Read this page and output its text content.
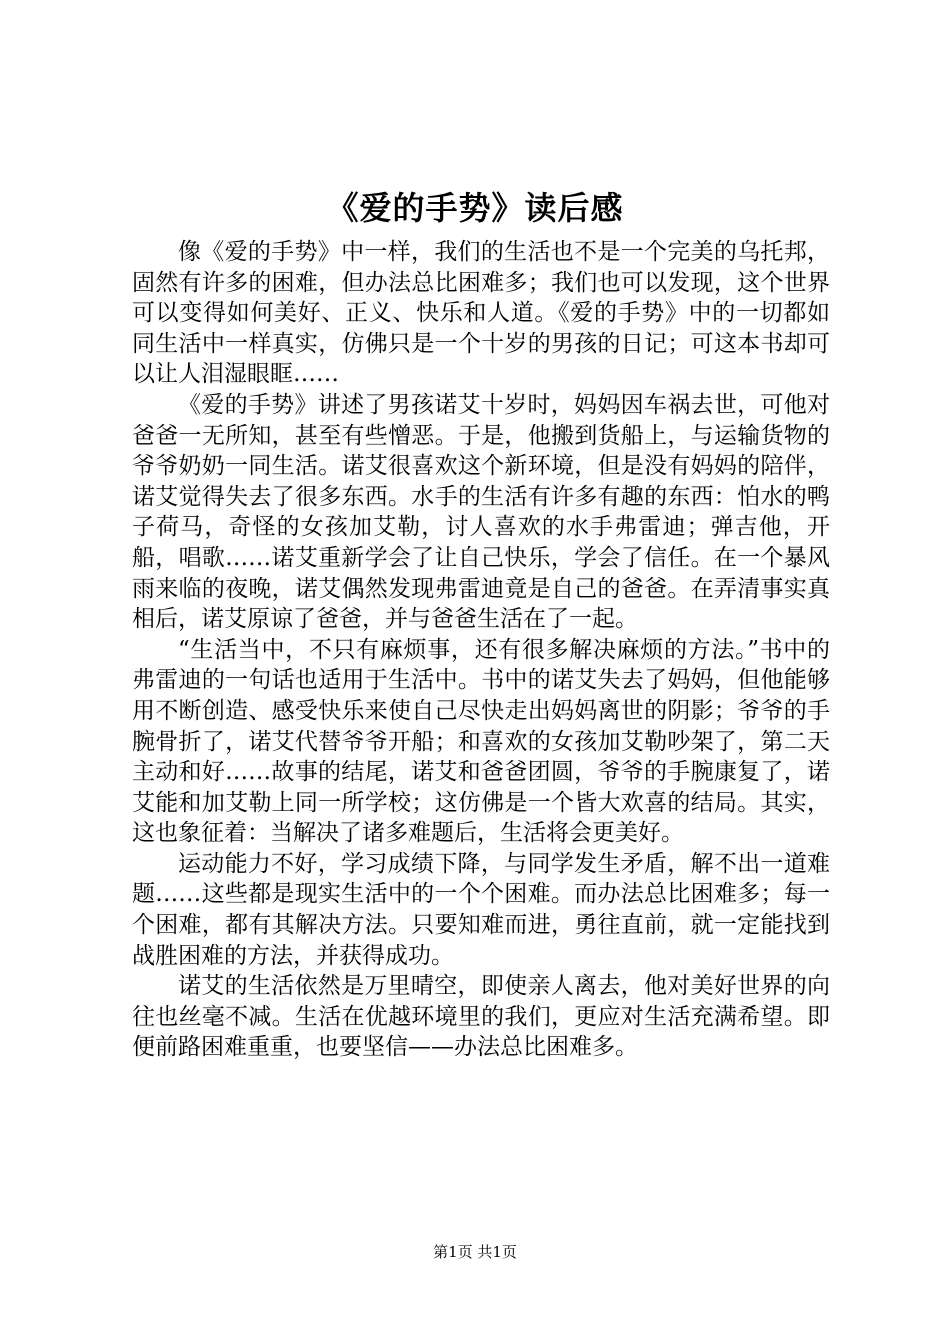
《爱的手势》读后感

像《爱的手势》中一样，我们的生活也不是一个完美的乌托邦，固然有许多的困难，但办法总比困难多；我们也可以发现，这个世界可以变得如何美好、正义、快乐和人道。《爱的手势》中的一切都如同生活中一样真实，仿佛只是一个十岁的男孩的日记；可这本书却可以让人泪湿眼眶……

《爱的手势》讲述了男孩诺艾十岁时，妈妈因车祸去世，可他对爸爸一无所知，甚至有些憎恶。于是，他搬到货船上，与运输货物的爷爷奶奶一同生活。诺艾很喜欢这个新环境，但是没有妈妈的陪伴，诺艾觉得失去了很多东西。水手的生活有许多有趣的东西：怕水的鸭子荷马，奇怪的女孩加艾勒，讨人喜欢的水手弗雷迪；弹吉他，开船，唱歌……诺艾重新学会了让自己快乐，学会了信任。在一个暴风雨来临的夜晚，诺艾偶然发现弗雷迪竟是自己的爸爸。在弄清事实真相后，诺艾原谅了爸爸，并与爸爸生活在了一起。

“生活当中，不只有麻烦事，还有很多解决麻烦的方法。”书中的弗雷迪的一句话也适用于生活中。书中的诺艾失去了妈妈，但他能够用不断创造、感受快乐来使自己尽快走出妈妈离世的阴影；爷爷的手腕骨折了，诺艾代替爷爷开船；和喜欢的女孩加艾勒吵架了，第二天主动和好……故事的结尾，诺艾和爸爸团圆，爷爷的手腕康复了，诺艾能和加艾勒上同一所学校；这仿佛是一个皆大欢喜的结局。其实，这也象征着：当解决了诸多难题后，生活将会更美好。

运动能力不好，学习成绩下降，与同学发生矛盾，解不出一道难题……这些都是现实生活中的一个个困难。而办法总比困难多；每一个困难，都有其解决方法。只要知难而进，勇往直前，就一定能找到战胜困难的方法，并获得成功。

诺艾的生活依然是万里晴空，即使亲人离去，他对美好世界的向往也丝毫不减。生活在优越环境里的我们，更应对生活充满希望。即便前路困难重重，也要坚信——办法总比困难多。

第1页 共1页
